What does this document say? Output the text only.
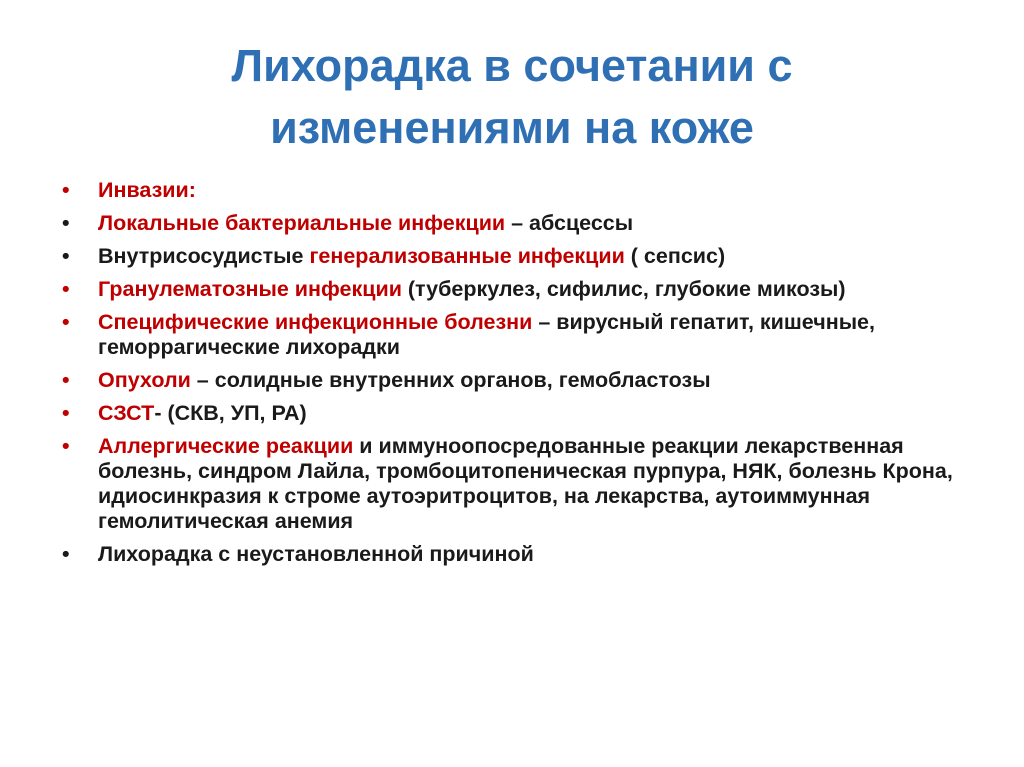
Лихорадка в сочетании с
изменениями на коже
•	Инвазии:
•	Локальные бактериальные инфекции – абсцессы
•	Внутрисосудистые генерализованные инфекции ( сепсис)
•	Гранулематозные инфекции (туберкулез, сифилис, глубокие микозы)
•	Специфические инфекционные болезни – вирусный гепатит, кишечные, геморрагические лихорадки
•	Опухоли – солидные внутренних органов, гемобластозы
•	СЗСТ- (СКВ, УП, РА)
•	Аллергические реакции и иммуноопосредованные реакции лекарственная болезнь, синдром Лайла, тромбоцитопеническая пурпура, НЯК, болезнь Крона, идиосинкразия к строме аутоэритроцитов, на лекарства, аутоиммунная гемолитическая анемия
•	Лихорадка с неустановленной причиной
